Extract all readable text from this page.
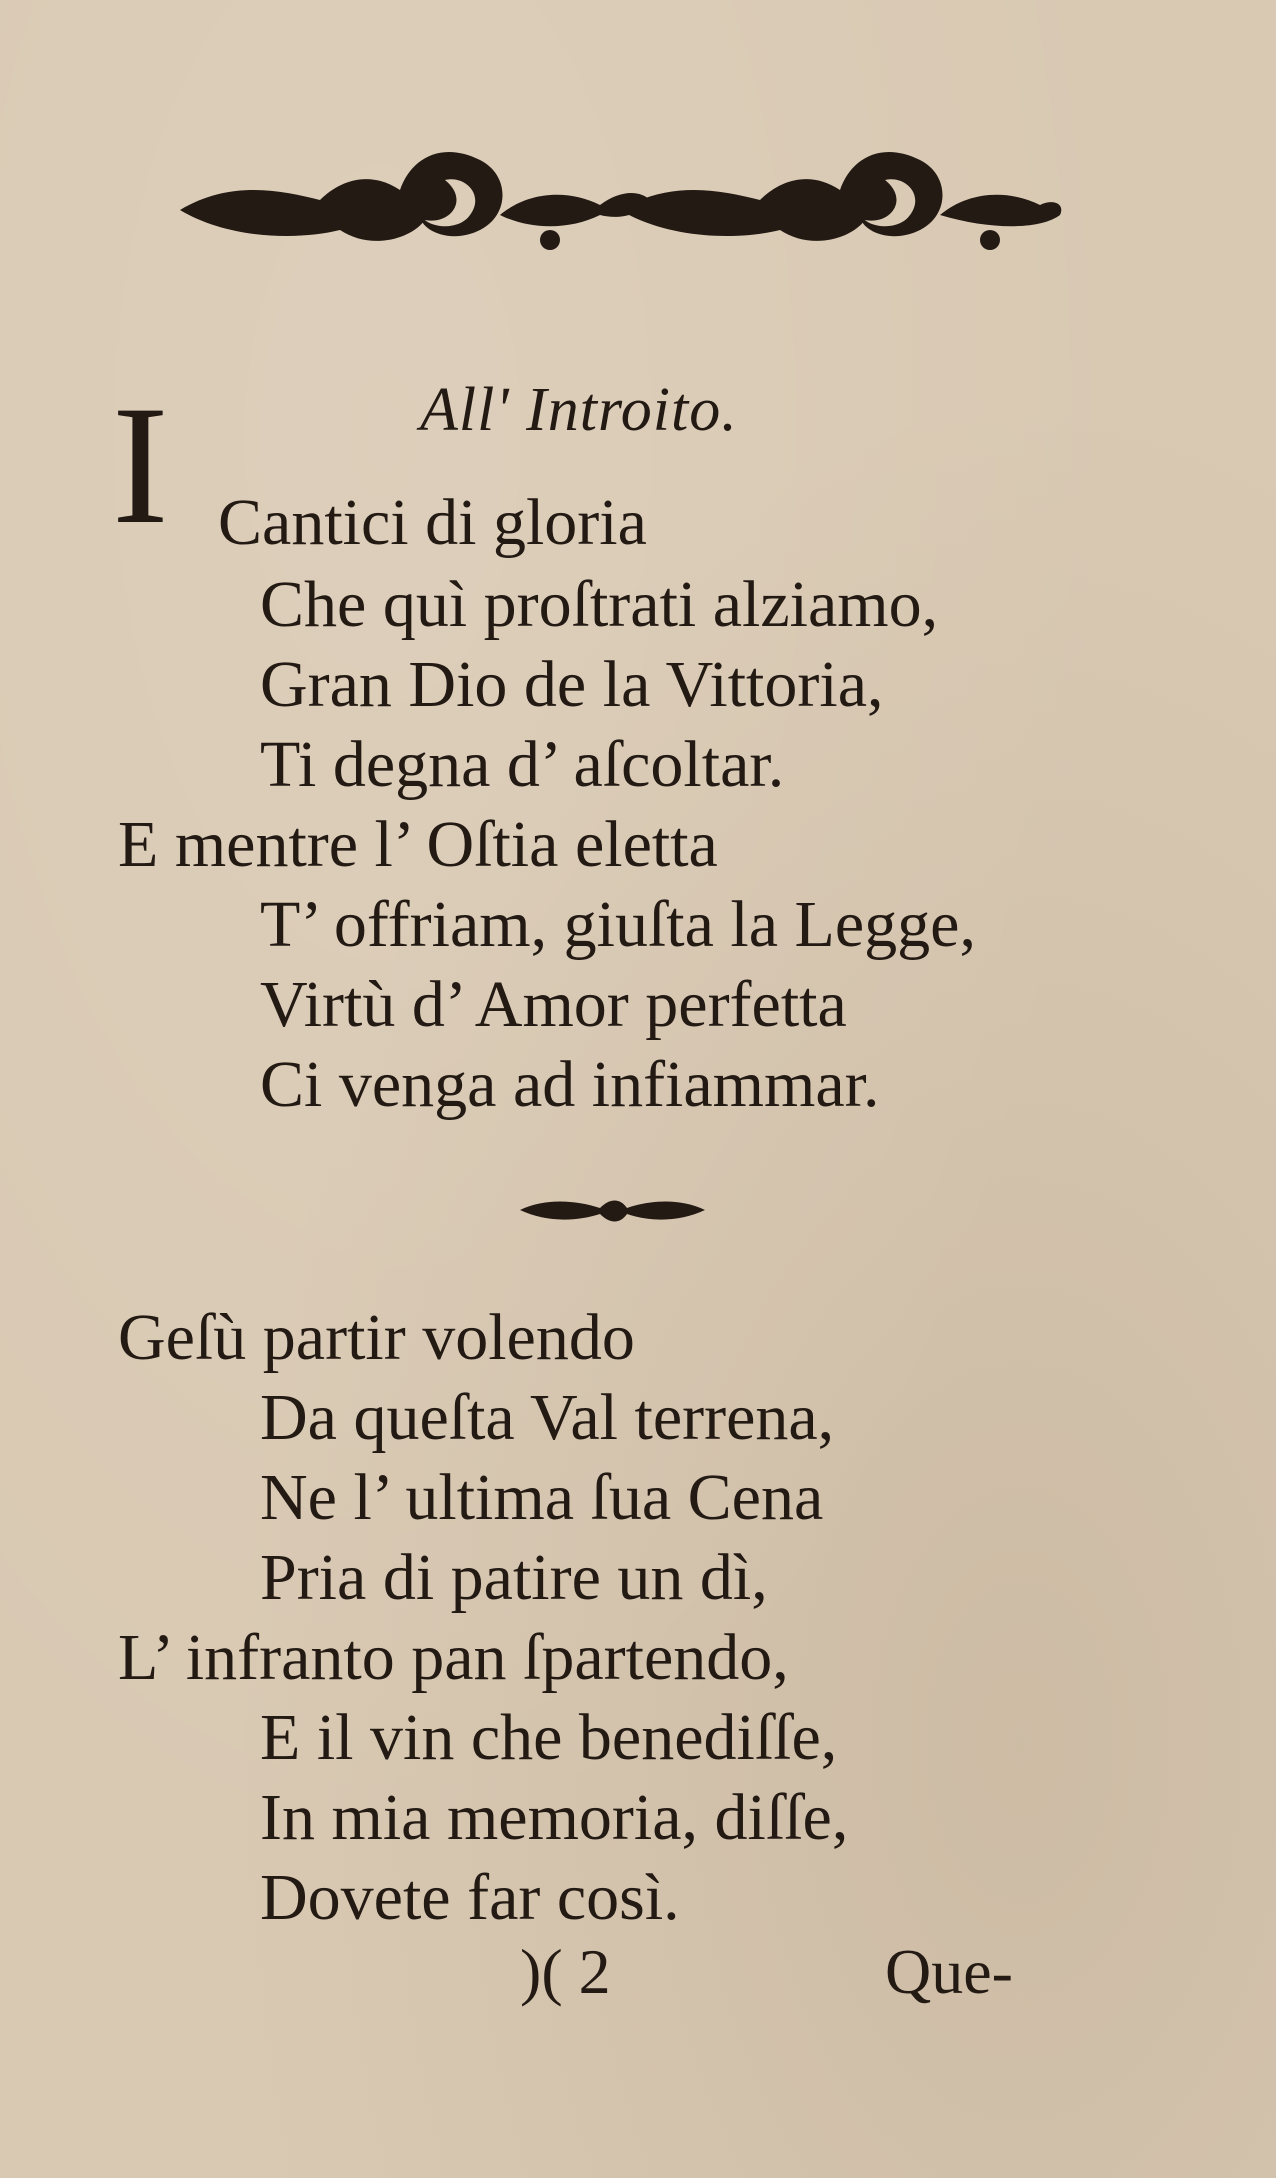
All' Introito.
I Cantici di gloria
Che quì proſtrati alziamo,
Gran Dio de la Vittoria,
Ti degna d’ aſcoltar.
E mentre l’ Oſtia eletta
T’ offriam, giuſta la Legge,
Virtù d’ Amor perfetta
Ci venga ad infiammar.
Geſù partir volendo
Da queſta Val terrena,
Ne l’ ultima ſua Cena
Pria di patire un dì,
L’ infranto pan ſpartendo,
E il vin che benediſſe,
In mia memoria, diſſe,
Dovete far così.
)( 2	Que-
